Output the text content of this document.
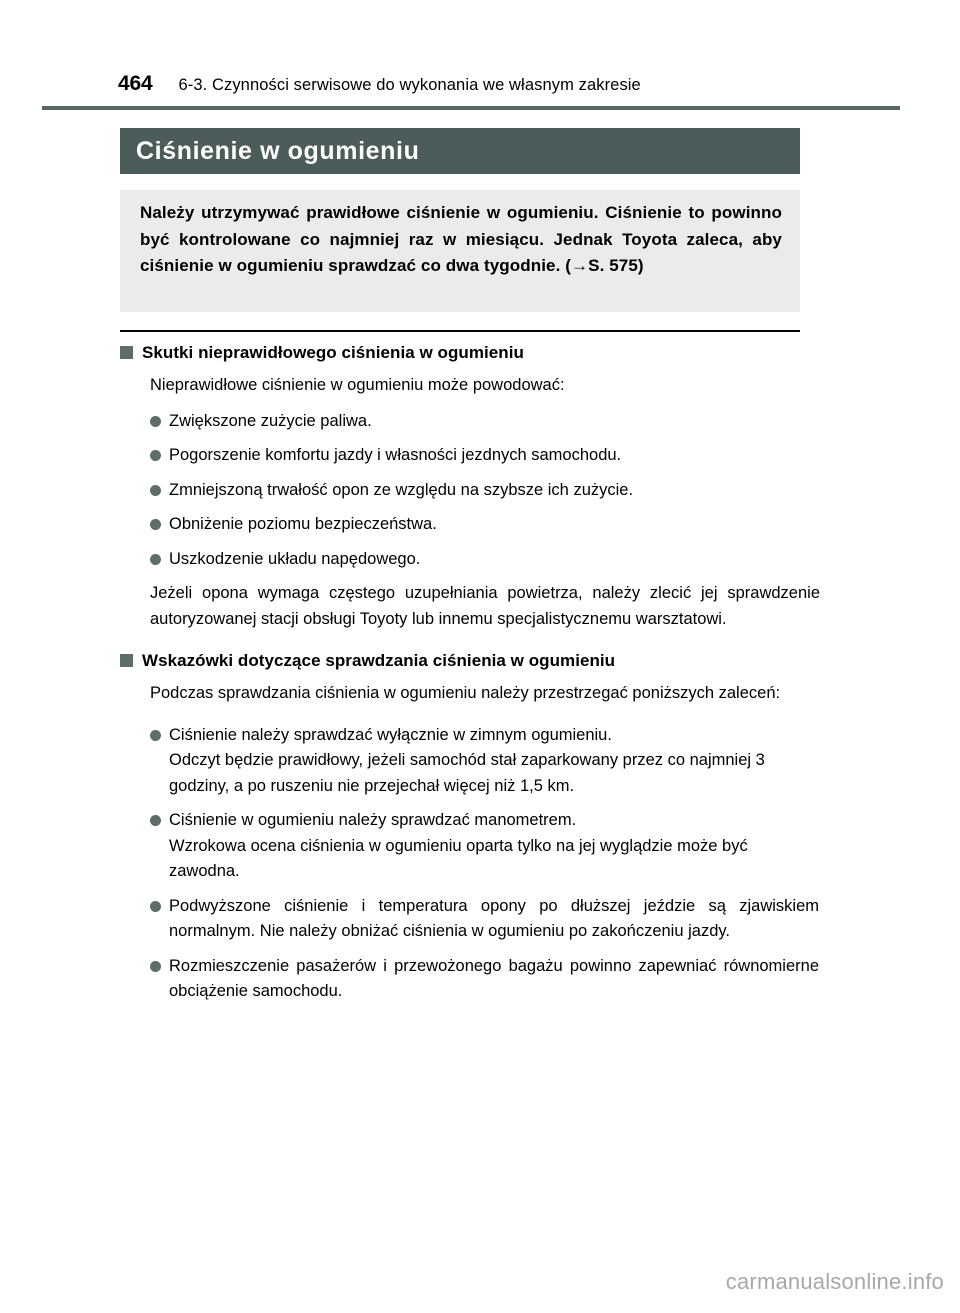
464 6-3. Czynności serwisowe do wykonania we własnym zakresie
Ciśnienie w ogumieniu
Należy utrzymywać prawidłowe ciśnienie w ogumieniu. Ciśnienie to powinno być kontrolowane co najmniej raz w miesiącu. Jednak Toyota zaleca, aby ciśnienie w ogumieniu sprawdzać co dwa tygodnie. (→S. 575)
Skutki nieprawidłowego ciśnienia w ogumieniu
Nieprawidłowe ciśnienie w ogumieniu może powodować:
Zwiększone zużycie paliwa.
Pogorszenie komfortu jazdy i własności jezdnych samochodu.
Zmniejszoną trwałość opon ze względu na szybsze ich zużycie.
Obniżenie poziomu bezpieczeństwa.
Uszkodzenie układu napędowego.
Jeżeli opona wymaga częstego uzupełniania powietrza, należy zlecić jej sprawdzenie autoryzowanej stacji obsługi Toyoty lub innemu specjalistycznemu warsztatowi.
Wskazówki dotyczące sprawdzania ciśnienia w ogumieniu
Podczas sprawdzania ciśnienia w ogumieniu należy przestrzegać poniższych zaleceń:
Ciśnienie należy sprawdzać wyłącznie w zimnym ogumieniu.
Odczyt będzie prawidłowy, jeżeli samochód stał zaparkowany przez co najmniej 3 godziny, a po ruszeniu nie przejechał więcej niż 1,5 km.
Ciśnienie w ogumieniu należy sprawdzać manometrem.
Wzrokowa ocena ciśnienia w ogumieniu oparta tylko na jej wyglądzie może być zawodna.
Podwyższone ciśnienie i temperatura opony po dłuższej jeździe są zjawiskiem normalnym. Nie należy obniżać ciśnienia w ogumieniu po zakończeniu jazdy.
Rozmieszczenie pasażerów i przewożonego bagażu powinno zapewniać równomierne obciążenie samochodu.
carmanualsonline.info
